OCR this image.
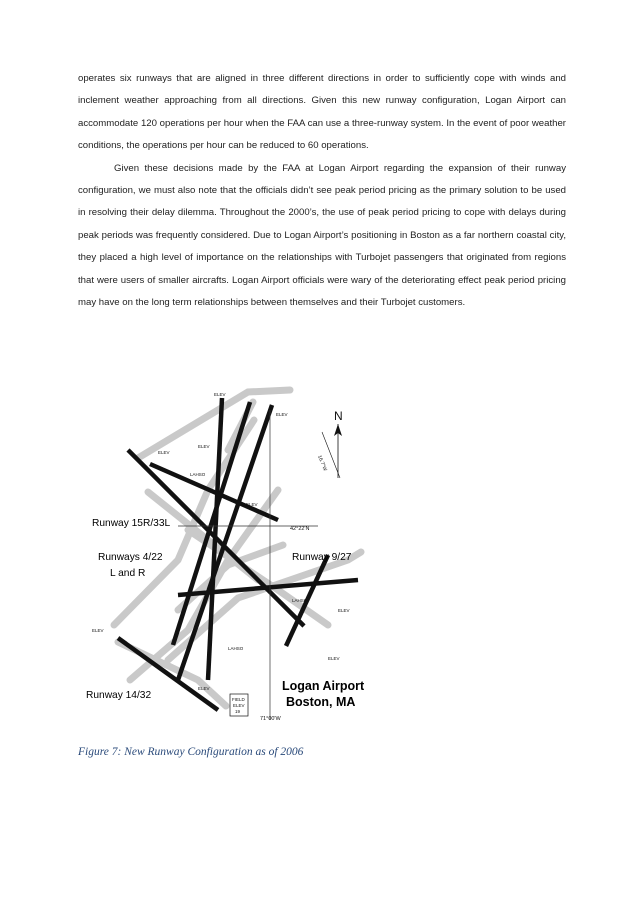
operates six runways that are aligned in three different directions in order to sufficiently cope with winds and inclement weather approaching from all directions. Given this new runway configuration, Logan Airport can accommodate 120 operations per hour when the FAA can use a three-runway system. In the event of poor weather conditions, the operations per hour can be reduced to 60 operations.

Given these decisions made by the FAA at Logan Airport regarding the expansion of their runway configuration, we must also note that the officials didn’t see peak period pricing as the primary solution to be used in resolving their delay dilemma. Throughout the 2000’s, the use of peak period pricing to cope with delays during peak periods was frequently considered. Due to Logan Airport’s positioning in Boston as a far northern coastal city, they placed a high level of importance on the relationships with Turbojet passengers that originated from regions that were users of smaller aircrafts. Logan Airport officials were wary of the deteriorating effect peak period pricing may have on the long term relationships between themselves and their Turbojet customers.

42°22'N
71°00'W
N
16.7°W
ELEV
ELEV
ELEV
ELEV
ELEV
ELEV
ELEV
ELEV
ELEV
LAHSO
LAHSO
LAHSO
FIELD
ELEV
19
Runway 15R/33L
Runways 4/22
L and R
Runway 9/27
Runway 14/32
Logan Airport
Boston, MA
Figure 7: New Runway Configuration as of 2006
